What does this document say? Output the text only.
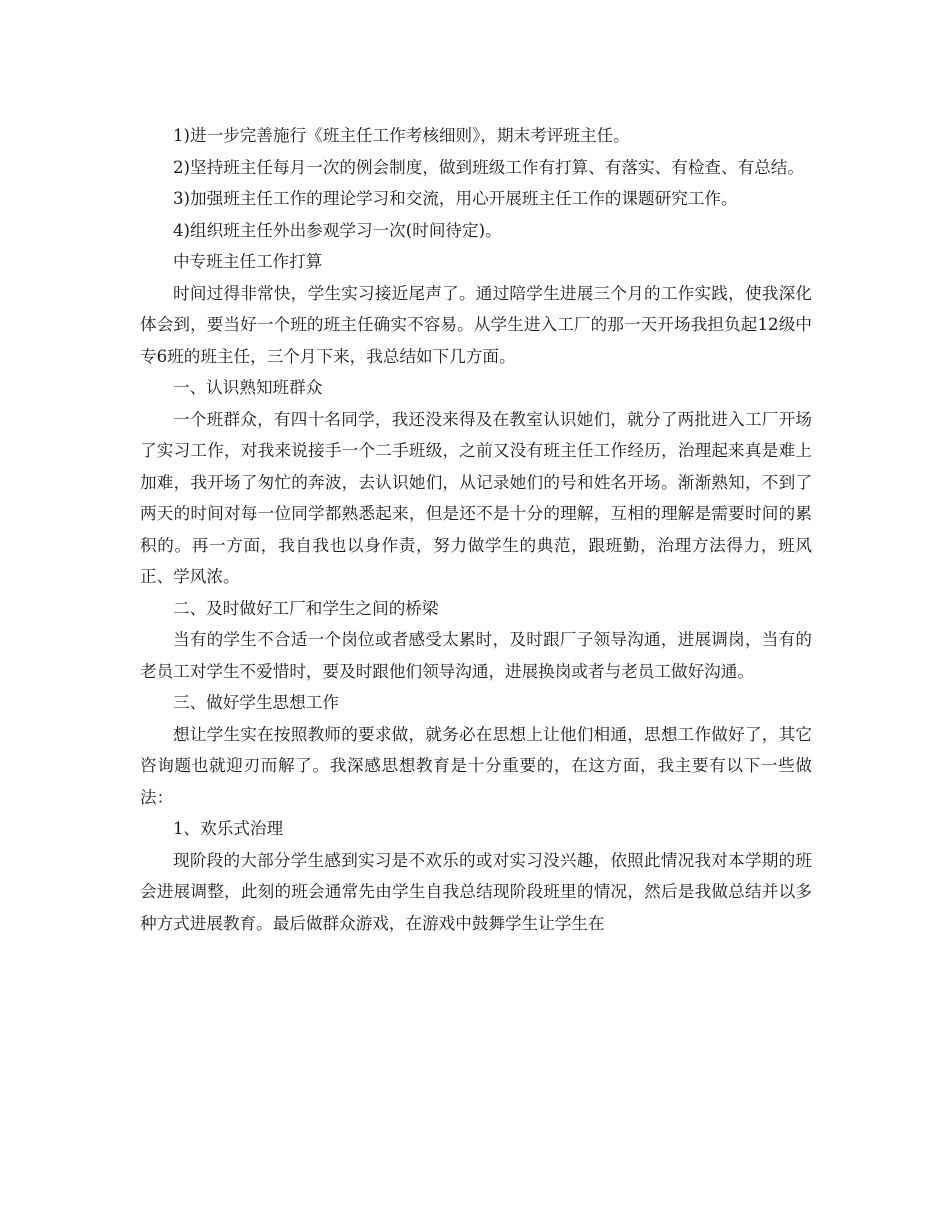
1)进一步完善施行《班主任工作考核细则》，期末考评班主任。

2)坚持班主任每月一次的例会制度，做到班级工作有打算、有落实、有检查、有总结。

3)加强班主任工作的理论学习和交流，用心开展班主任工作的课题研究工作。

4)组织班主任外出参观学习一次(时间待定)。

中专班主任工作打算

时间过得非常快，学生实习接近尾声了。通过陪学生进展三个月的工作实践，使我深化体会到，要当好一个班的班主任确实不容易。从学生进入工厂的那一天开场我担负起12级中专6班的班主任，三个月下来，我总结如下几方面。

一、认识熟知班群众

一个班群众，有四十名同学，我还没来得及在教室认识她们，就分了两批进入工厂开场了实习工作，对我来说接手一个二手班级，之前又没有班主任工作经历，治理起来真是难上加难，我开场了匆忙的奔波，去认识她们，从记录她们的号和姓名开场。渐渐熟知，不到了两天的时间对每一位同学都熟悉起来，但是还不是十分的理解，互相的理解是需要时间的累积的。再一方面，我自我也以身作责，努力做学生的典范，跟班勤，治理方法得力，班风正、学风浓。

二、及时做好工厂和学生之间的桥梁

当有的学生不合适一个岗位或者感受太累时，及时跟厂子领导沟通，进展调岗，当有的老员工对学生不爱惜时，要及时跟他们领导沟通，进展换岗或者与老员工做好沟通。

三、做好学生思想工作

想让学生实在按照教师的要求做，就务必在思想上让他们相通，思想工作做好了，其它咨询题也就迎刃而解了。我深感思想教育是十分重要的，在这方面，我主要有以下一些做法：

1、欢乐式治理

现阶段的大部分学生感到实习是不欢乐的或对实习没兴趣，依照此情况我对本学期的班会进展调整，此刻的班会通常先由学生自我总结现阶段班里的情况，然后是我做总结并以多种方式进展教育。最后做群众游戏，在游戏中鼓舞学生让学生在
